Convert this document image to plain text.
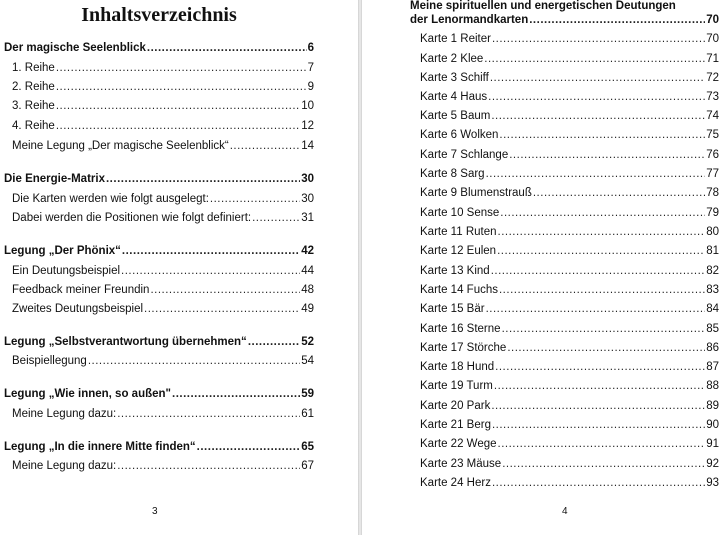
Inhaltsverzeichnis
Der magische Seelenblick .....	6
1. Reihe .....	7
2. Reihe .....	9
3. Reihe .....	10
4. Reihe .....	12
Meine Legung „Der magische Seelenblick“ .....	14
Die Energie-Matrix .....	30
Die Karten werden wie folgt ausgelegt: .....	30
Dabei werden die Positionen wie folgt definiert: .....	31
Legung „Der Phönix“ .....	42
Ein Deutungsbeispiel .....	44
Feedback meiner Freundin .....	48
Zweites Deutungsbeispiel .....	49
Legung „Selbstverantwortung übernehmen“ .....	52
Beispiellegung .....	54
Legung „Wie innen, so außen" .....	59
Meine Legung dazu: .....	61
Legung „In die innere Mitte finden“ .....	65
Meine Legung dazu: .....	67
3
Meine spirituellen und energetischen Deutungen
der Lenormandkarten .....	70
Karte 1 Reiter .....	70
Karte 2 Klee .....	71
Karte 3 Schiff .....	72
Karte 4 Haus .....	73
Karte 5 Baum .....	74
Karte 6 Wolken .....	75
Karte 7 Schlange .....	76
Karte 8 Sarg .....	77
Karte 9 Blumenstrauß .....	78
Karte 10 Sense .....	79
Karte 11 Ruten .....	80
Karte 12 Eulen .....	81
Karte 13 Kind .....	82
Karte 14 Fuchs .....	83
Karte 15 Bär .....	84
Karte 16 Sterne .....	85
Karte 17 Störche .....	86
Karte 18 Hund .....	87
Karte 19 Turm .....	88
Karte 20 Park .....	89
Karte 21 Berg .....	90
Karte 22 Wege .....	91
Karte 23 Mäuse .....	92
Karte 24 Herz .....	93
4
